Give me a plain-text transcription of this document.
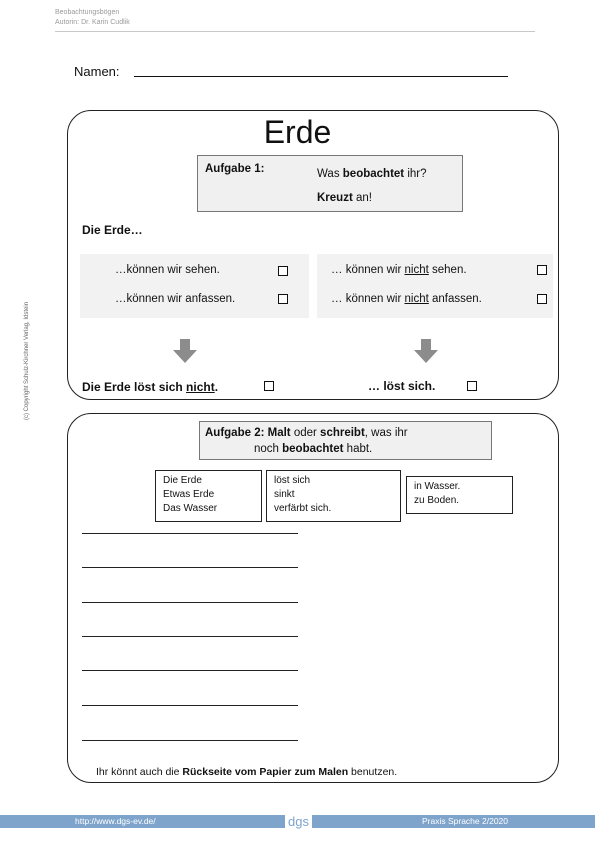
Beobachtungsbögen
Autorin: Dr. Karin Cudlik
Namen:
(c) Copyright Schulz-Kirchner Verlag, Idstein
Erde
Aufgabe 1:	Was beobachtet ihr?
Kreuzt an!
Die Erde…
…können wir sehen.
…können wir anfassen.
… können wir nicht sehen.
… können wir nicht anfassen.
Die Erde löst sich nicht.	… löst sich.
Aufgabe 2: Malt oder schreibt, was ihr
noch beobachtet habt.
Die Erde
Etwas Erde
Das Wasser
löst sich
sinkt
verfärbt sich.
in Wasser.
zu Boden.
Ihr könnt auch die Rückseite vom Papier zum Malen benutzen.
http://www.dgs-ev.de/	dgs	Praxis Sprache 2/2020
